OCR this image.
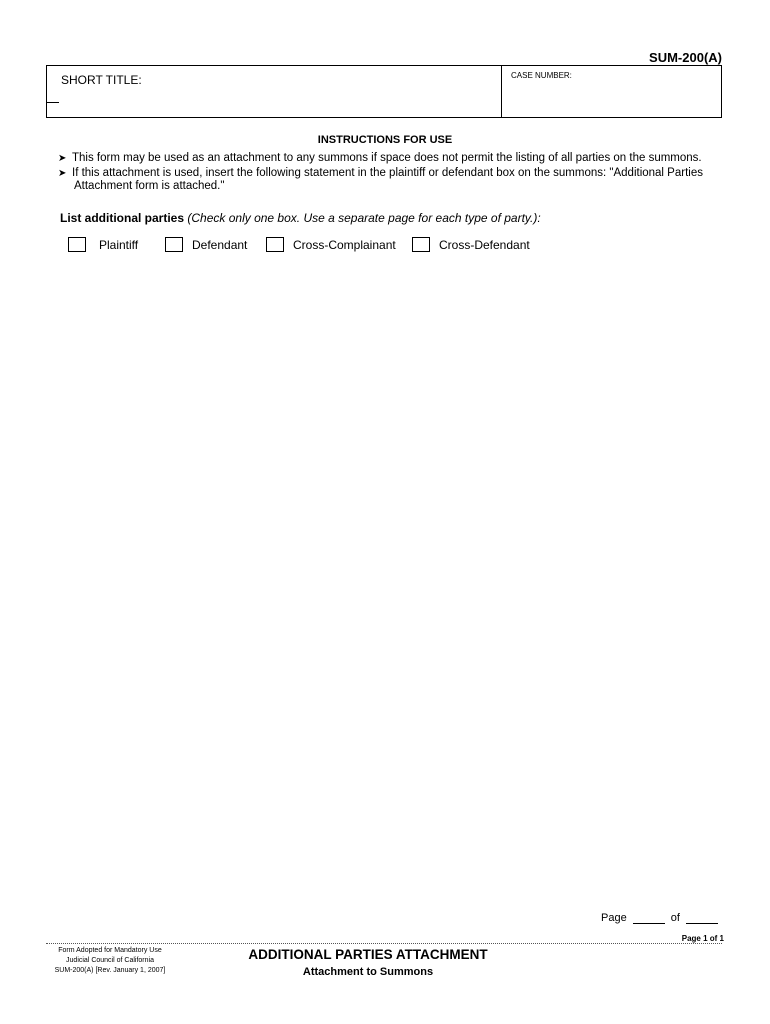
SUM-200(A)
SHORT TITLE:	CASE NUMBER:
INSTRUCTIONS FOR USE
➤ This form may be used as an attachment to any summons if space does not permit the listing of all parties on the summons.
➤ If this attachment is used, insert the following statement in the plaintiff or defendant box on the summons: "Additional Parties
Attachment form is attached."
List additional parties (Check only one box. Use a separate page for each type of party.):
Plaintiff	Defendant	Cross-Complainant	Cross-Defendant
Page	of
Page 1 of 1
Form Adopted for Mandatory Use
Judicial Council of California
SUM-200(A) [Rev. January 1, 2007]
ADDITIONAL PARTIES ATTACHMENT
Attachment to Summons
